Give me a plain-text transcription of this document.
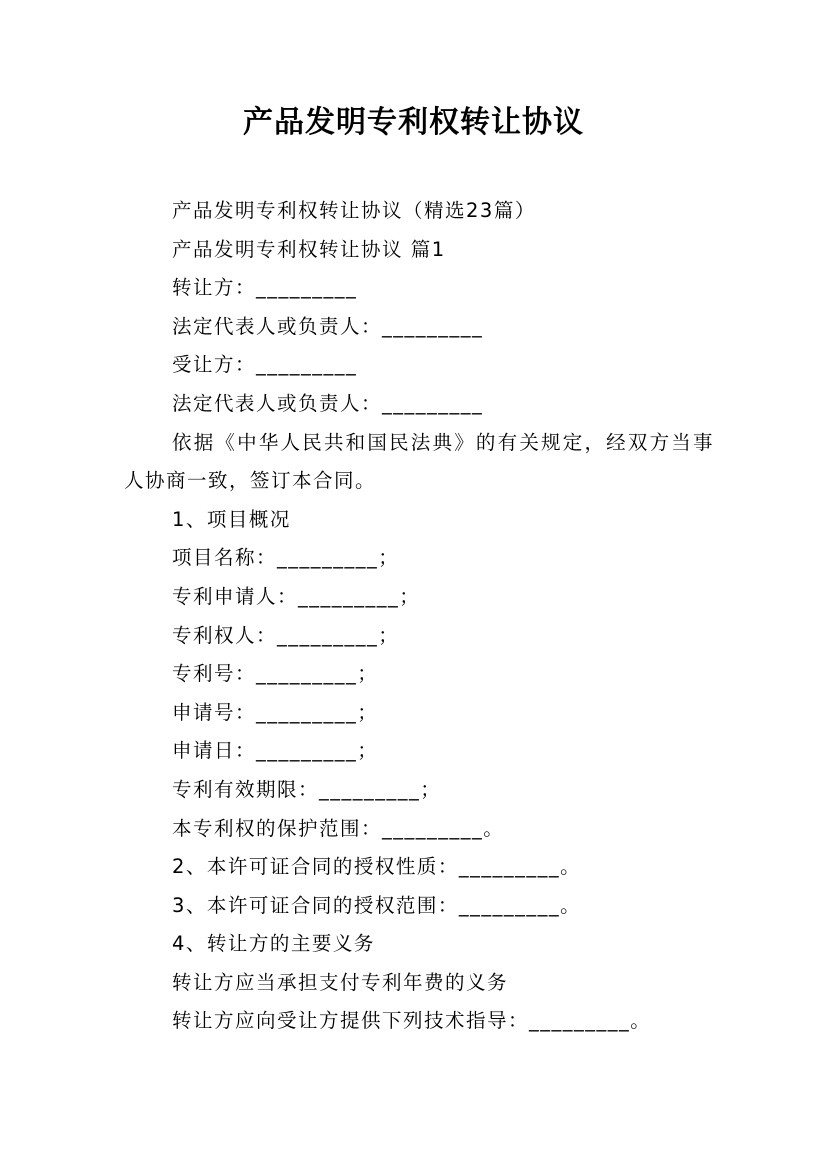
产品发明专利权转让协议

产品发明专利权转让协议（精选23篇）

产品发明专利权转让协议 篇1

转让方：_________

法定代表人或负责人：_________

受让方：_________

法定代表人或负责人：_________

依据《中华人民共和国民法典》的有关规定，经双方当事人协商一致，签订本合同。

1、项目概况

项目名称：_________；

专利申请人：_________；

专利权人：_________；

专利号：_________；

申请号：_________；

申请日：_________；

专利有效期限：_________；

本专利权的保护范围：_________。

2、本许可证合同的授权性质：_________。

3、本许可证合同的授权范围：_________。

4、转让方的主要义务

转让方应当承担支付专利年费的义务

转让方应向受让方提供下列技术指导：_________。
